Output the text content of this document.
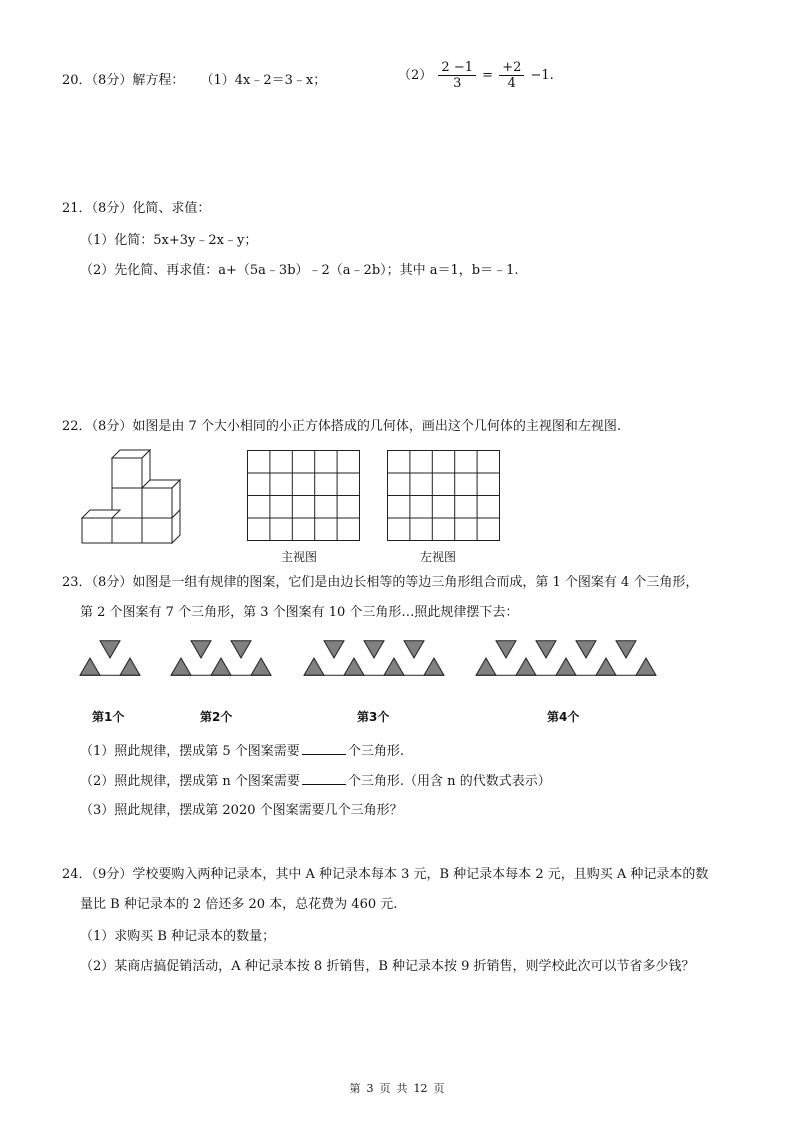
20．（8分）解方程： （1）4x﹣2＝3﹣x；	$(2) \frac{2 -1}{3} = \frac{+2}{4} -1$.
21．（8分）化简、求值：
（1）化简：5x+3y﹣2x﹣y；
（2）先化简、再求值：a+（5a﹣3b）﹣2（a﹣2b）；其中 a＝1，b＝﹣1.
22．（8分）如图是由 7 个大小相同的小正方体搭成的几何体，画出这个几何体的主视图和左视图.
主视图	左视图
23．（8分）如图是一组有规律的图案，它们是由边长相等的等边三角形组合而成，第 1 个图案有 4 个三角形，
第 2 个图案有 7 个三角形，第 3 个图案有 10 个三角形…照此规律摆下去：
第1个	第2个	第3个	第4个
（1）照此规律，摆成第 5 个图案需要	个三角形.
（2）照此规律，摆成第 n 个图案需要	个三角形.（用含 n 的代数式表示）
（3）照此规律，摆成第 2020 个图案需要几个三角形？
24．（9分）学校要购入两种记录本，其中 A 种记录本每本 3 元，B 种记录本每本 2 元，且购买 A 种记录本的数
量比 B 种记录本的 2 倍还多 20 本，总花费为 460 元.
（1）求购买 B 种记录本的数量；
（2）某商店搞促销活动，A 种记录本按 8 折销售，B 种记录本按 9 折销售，则学校此次可以节省多少钱？
第 3 页 共 12 页
